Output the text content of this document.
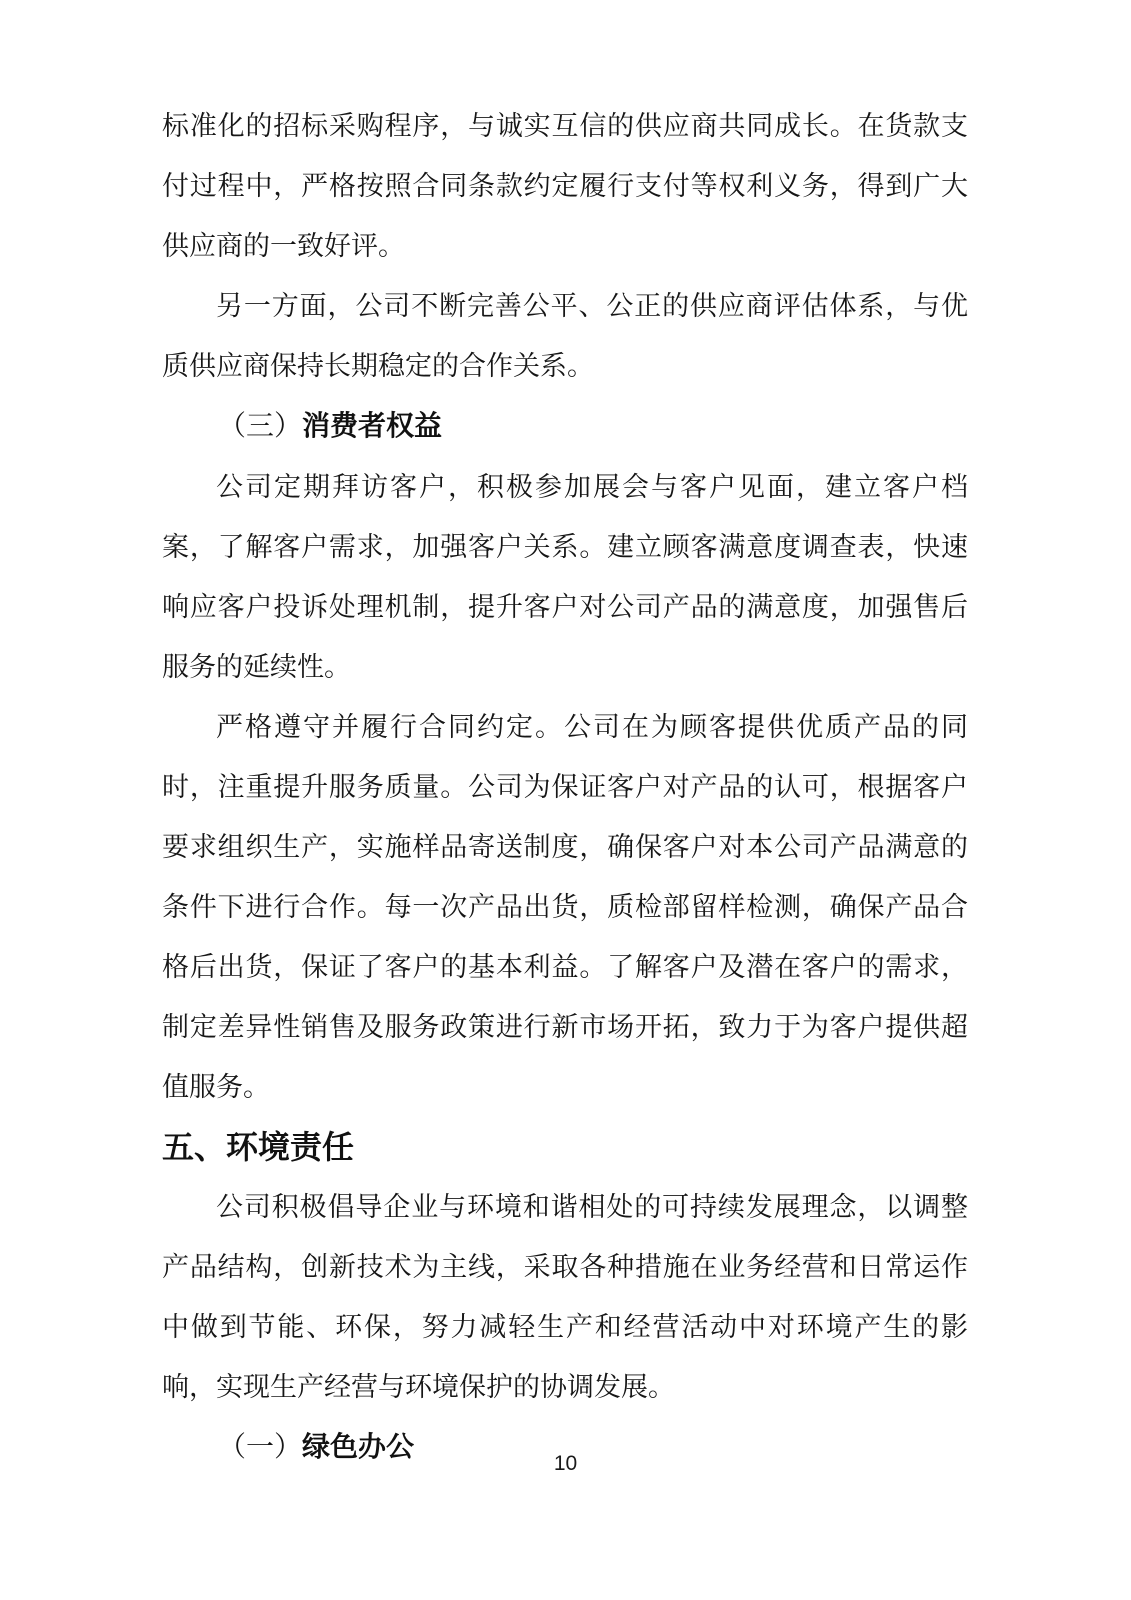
标准化的招标采购程序，与诚实互信的供应商共同成长。在货款支付过程中，严格按照合同条款约定履行支付等权利义务，得到广大供应商的一致好评。

另一方面，公司不断完善公平、公正的供应商评估体系，与优质供应商保持长期稳定的合作关系。

（三）消费者权益

公司定期拜访客户，积极参加展会与客户见面，建立客户档案，了解客户需求，加强客户关系。建立顾客满意度调查表，快速响应客户投诉处理机制，提升客户对公司产品的满意度，加强售后服务的延续性。

严格遵守并履行合同约定。公司在为顾客提供优质产品的同时，注重提升服务质量。公司为保证客户对产品的认可，根据客户要求组织生产，实施样品寄送制度，确保客户对本公司产品满意的条件下进行合作。每一次产品出货，质检部留样检测，确保产品合格后出货，保证了客户的基本利益。了解客户及潜在客户的需求，制定差异性销售及服务政策进行新市场开拓，致力于为客户提供超值服务。

五、环境责任

公司积极倡导企业与环境和谐相处的可持续发展理念，以调整产品结构，创新技术为主线，采取各种措施在业务经营和日常运作中做到节能、环保，努力减轻生产和经营活动中对环境产生的影响，实现生产经营与环境保护的协调发展。

（一）绿色办公

10
